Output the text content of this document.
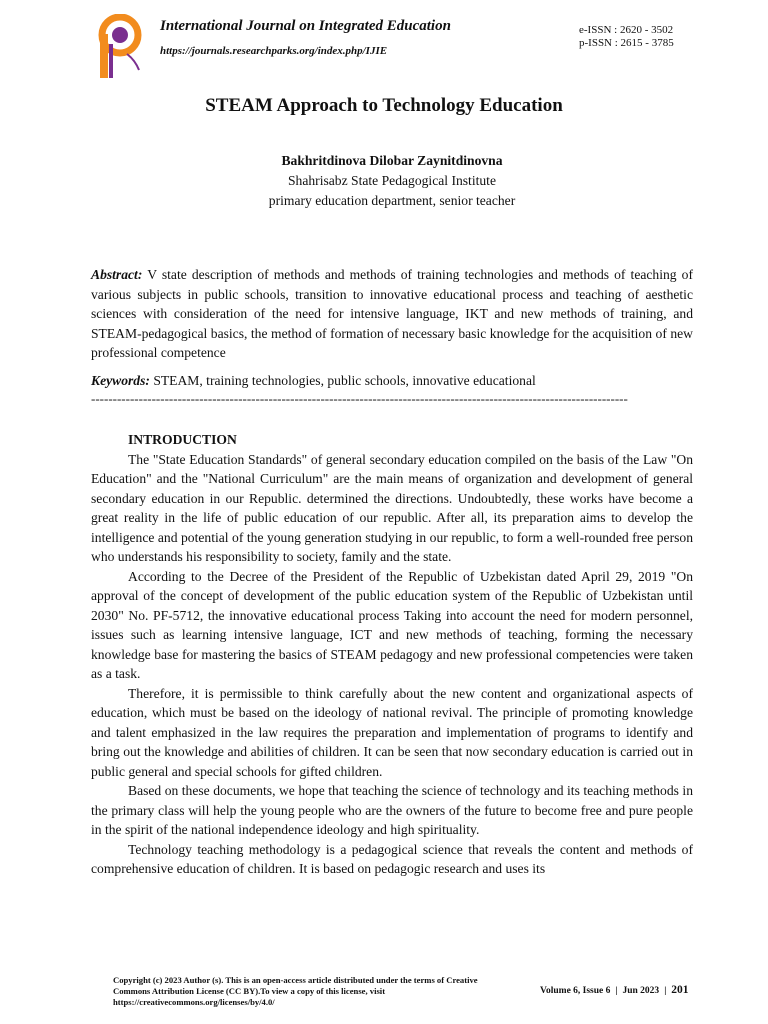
International Journal on Integrated Education
https://journals.researchparks.org/index.php/IJIE
e-ISSN : 2620 - 3502
p-ISSN : 2615 - 3785
STEAM Approach to Technology Education
Bakhritdinova Dilobar Zaynitdinovna
Shahrisabz State Pedagogical Institute
primary education department, senior teacher
Abstract: V state description of methods and methods of training technologies and methods of teaching of various subjects in public schools, transition to innovative educational process and teaching of aesthetic sciences with consideration of the need for intensive language, IKT and new methods of training, and STEAM-pedagogical basics, the method of formation of necessary basic knowledge for the acquisition of new professional competence
Keywords: STEAM, training technologies, public schools, innovative educational
----------------------------------------------------------------------------------------------------------------------------

INTRODUCTION

The "State Education Standards" of general secondary education compiled on the basis of the Law "On Education" and the "National Curriculum" are the main means of organization and development of general secondary education in our Republic. determined the directions. Undoubtedly, these works have become a great reality in the life of public education of our republic. After all, its preparation aims to develop the intelligence and potential of the young generation studying in our republic, to form a well-rounded free person who understands his responsibility to society, family and the state.

According to the Decree of the President of the Republic of Uzbekistan dated April 29, 2019 "On approval of the concept of development of the public education system of the Republic of Uzbekistan until 2030" No. PF-5712, the innovative educational process Taking into account the need for modern personnel, issues such as learning intensive language, ICT and new methods of teaching, forming the necessary knowledge base for mastering the basics of STEAM pedagogy and new professional competencies were taken as a task.

Therefore, it is permissible to think carefully about the new content and organizational aspects of education, which must be based on the ideology of national revival. The principle of promoting knowledge and talent emphasized in the law requires the preparation and implementation of programs to identify and bring out the knowledge and abilities of children. It can be seen that now secondary education is carried out in public general and special schools for gifted children.

Based on these documents, we hope that teaching the science of technology and its teaching methods in the primary class will help the young people who are the owners of the future to become free and pure people in the spirit of the national independence ideology and high spirituality.

Technology teaching methodology is a pedagogical science that reveals the content and methods of comprehensive education of children. It is based on pedagogic research and uses its

Copyright (c) 2023 Author (s). This is an open-access article distributed under the terms of Creative Commons Attribution License (CC BY).To view a copy of this license, visit https://creativecommons.org/licenses/by/4.0/
Volume 6, Issue 6 | Jun 2023 | 201
